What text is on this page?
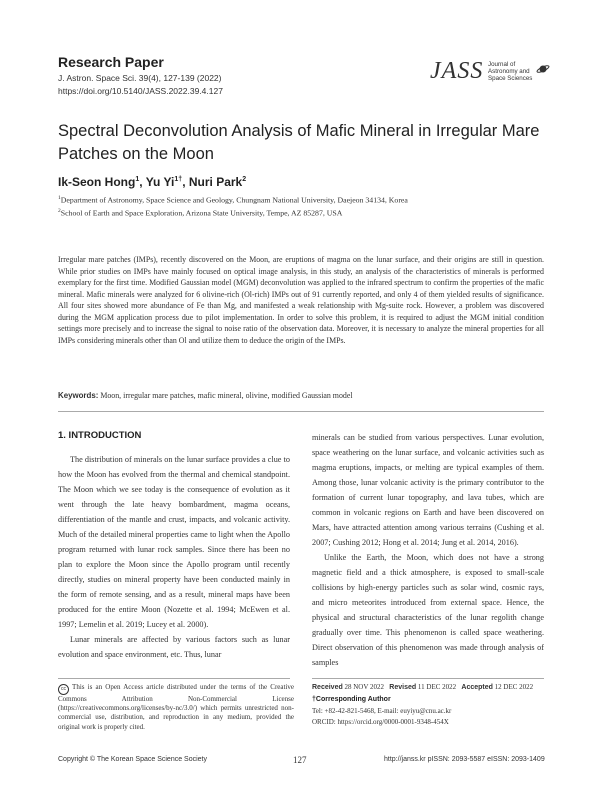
Research Paper
J. Astron. Space Sci. 39(4), 127-139 (2022)
https://doi.org/10.5140/JASS.2022.39.4.127
JASS Journal of
Astronomy and
Space Sciences
Spectral Deconvolution Analysis of Mafic Mineral in Irregular Mare Patches on the Moon
Ik-Seon Hong$^1$, Yu $Yi^{1\dagger}$, Nuri Park$^2$
$^1$Department of Astronomy, Space Science and Geology, Chungnam National University, Daejeon 34134, Korea
$^2$School of Earth and Space Exploration, Arizona State University, Tempe, AZ 85287, USA
Irregular mare patches (IMPs), recently discovered on the Moon, are eruptions of magma on the lunar surface, and their origins are still in question. While prior studies on IMPs have mainly focused on optical image analysis, in this study, an analysis of the characteristics of minerals is performed exemplary for the first time. Modified Gaussian model (MGM) deconvolution was applied to the infrared spectrum to confirm the properties of the mafic mineral. Mafic minerals were analyzed for 6 olivine-rich (Ol-rich) IMPs out of 91 currently reported, and only 4 of them yielded results of significance. All four sites showed more abundance of Fe than Mg, and manifested a weak relationship with Mg-suite rock. However, a problem was discovered during the MGM application process due to pilot implementation. In order to solve this problem, it is required to adjust the MGM initial condition settings more precisely and to increase the signal to noise ratio of the observation data. Moreover, it is necessary to analyze the mineral properties for all IMPs considering minerals other than Ol and utilize them to deduce the origin of the IMPs.
Keywords: Moon, irregular mare patches, mafic mineral, olivine, modified Gaussian model
1. INTRODUCTION

The distribution of minerals on the lunar surface provides a clue to how the Moon has evolved from the thermal and chemical standpoint. The Moon which we see today is the consequence of evolution as it went through the late heavy bombardment, magma oceans, differentiation of the mantle and crust, impacts, and volcanic activity. Much of the detailed mineral properties came to light when the Apollo program returned with lunar rock samples. Since there has been no plan to explore the Moon since the Apollo program until recently directly, studies on mineral property have been conducted mainly in the form of remote sensing, and as a result, mineral maps have been produced for the entire Moon (Nozette et al. 1994; McEwen et al. 1997; Lemelin et al. 2019; Lucey et al. 2000).

Lunar minerals are affected by various factors such as lunar evolution and space environment, etc. Thus, lunar

minerals can be studied from various perspectives. Lunar evolution, space weathering on the lunar surface, and volcanic activities such as magma eruptions, impacts, or melting are typical examples of them. Among those, lunar volcanic activity is the primary contributor to the formation of current lunar topography, and lava tubes, which are common in volcanic regions on Earth and have been discovered on Mars, have attracted attention among various terrains (Cushing et al. 2007; Cushing 2012; Hong et al. 2014; Jung et al. 2014, 2016).

Unlike the Earth, the Moon, which does not have a strong magnetic field and a thick atmosphere, is exposed to small-scale collisions by high-energy particles such as solar wind, cosmic rays, and micro meteorites introduced from external space. Hence, the physical and structural characteristics of the lunar regolith change gradually over time. This phenomenon is called space weathering. Direct observation of this phenomenon was made through analysis of samples

cc This is an Open Access article distributed under the terms of the Creative Commons Attribution Non-Commercial License (https://creativecommons.org/licenses/by-nc/3.0/) which permits unrestricted non-commercial use, distribution, and reproduction in any medium, provided the original work is properly cited.
Received 28 NOV 2022 Revised 11 DEC 2022 Accepted 12 DEC 2022
†Corresponding Author
Tel: +82-42-821-5468, E-mail: euyiyu@cnu.ac.kr
ORCID: https://orcid.org/0000-0001-9348-454X
Copyright © The Korean Space Science Society	127	http://janss.kr pISSN: 2093-5587 eISSN: 2093-1409
